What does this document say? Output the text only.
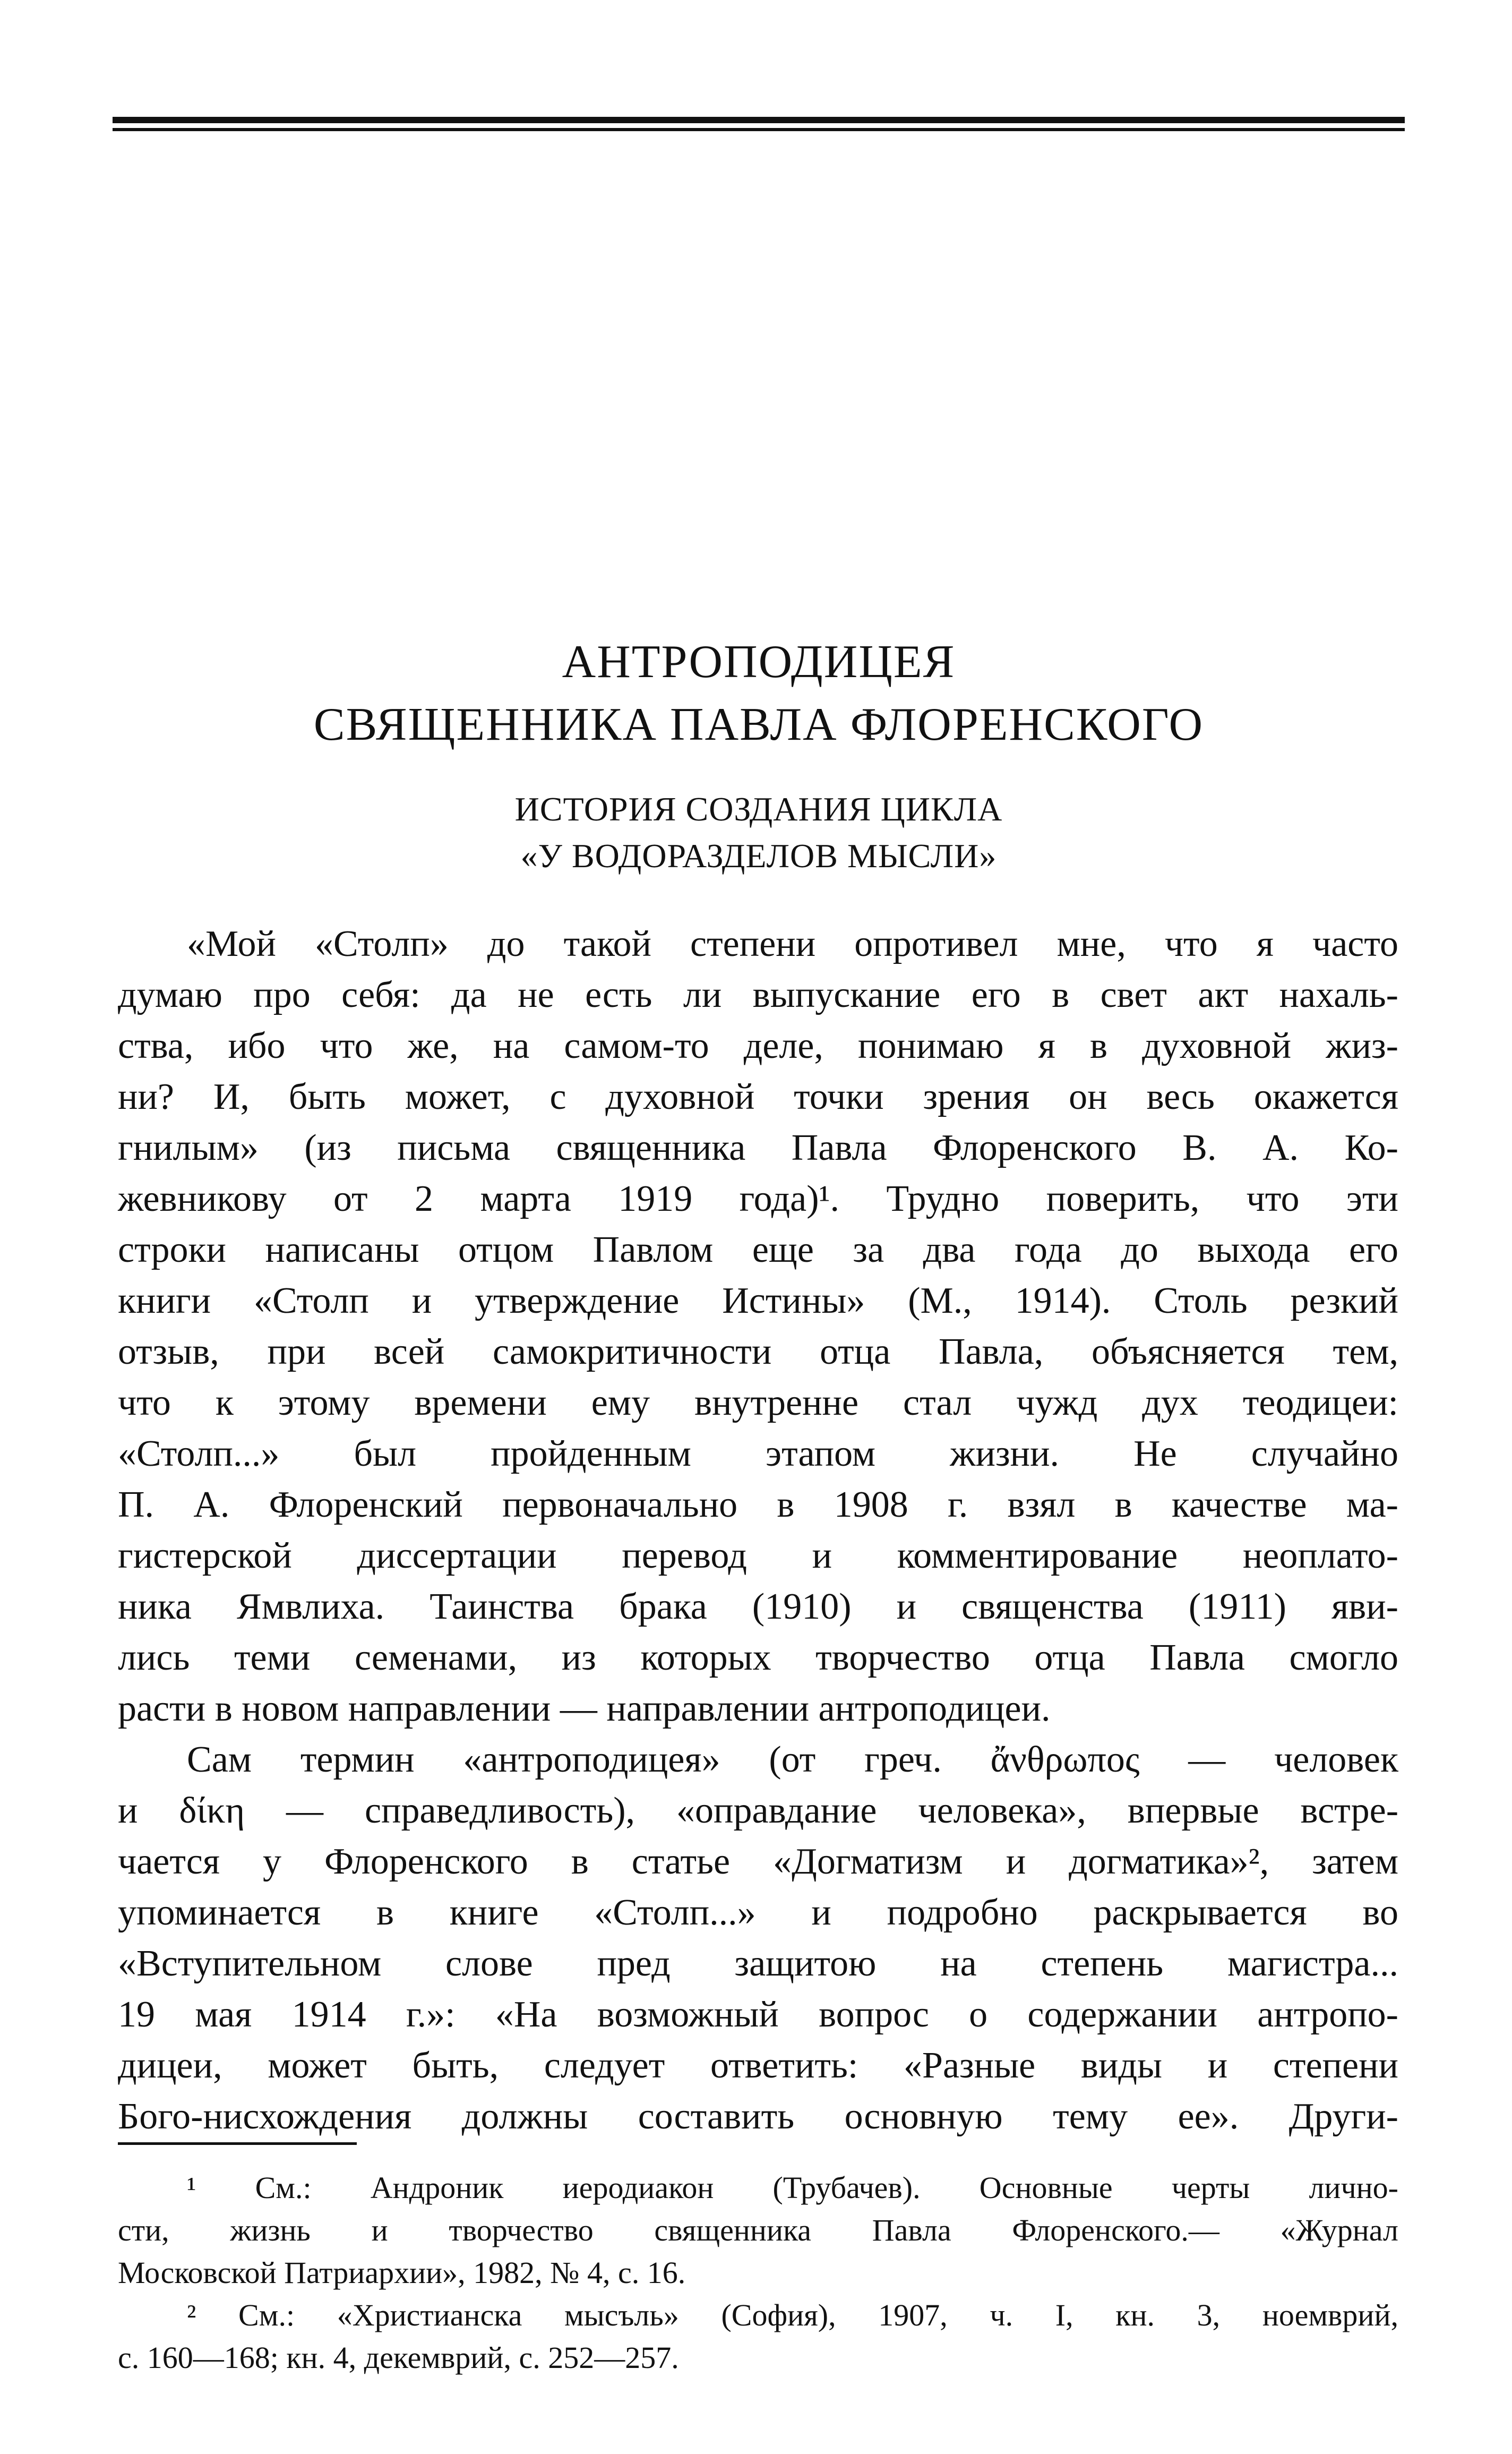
АНТРОПОДИЦЕЯ
СВЯЩЕННИКА ПАВЛА ФЛОРЕНСКОГО

ИСТОРИЯ СОЗДАНИЯ ЦИКЛА

«У ВОДОРАЗДЕЛОВ МЫСЛИ»

«Мой «Столп» до такой степени опротивел мне, что я часто
думаю про себя: да не есть ли выпускание его в свет акт нахаль-
ства, ибо что же, на самом-то деле, понимаю я в духовной жиз-
ни? И, быть может, с духовной точки зрения он весь окажется
гнилым» (из письма священника Павла Флоренского В. А. Ко-
жевникову от 2 марта 1919 года)¹. Трудно поверить, что эти
строки написаны отцом Павлом еще за два года до выхода его
книги «Столп и утверждение Истины» (М., 1914). Столь резкий
отзыв, при всей самокритичности отца Павла, объясняется тем,
что к этому времени ему внутренне стал чужд дух теодицеи:
«Столп...» был пройденным этапом жизни. Не случайно
П. А. Флоренский первоначально в 1908 г. взял в качестве ма-
гистерской диссертации перевод и комментирование неоплато-
ника Ямвлиха. Таинства брака (1910) и священства (1911) яви-
лись теми семенами, из которых творчество отца Павла смогло
расти в новом направлении — направлении антроподицеи.
Сам термин «антроподицея» (от греч. ἄνθρωπος — человек
и δίκη — справедливость), «оправдание человека», впервые встре-
чается у Флоренского в статье «Догматизм и догматика»², затем
упоминается в книге «Столп...» и подробно раскрывается во
«Вступительном слове пред защитою на степень магистра...
19 мая 1914 г.»: «На возможный вопрос о содержании антропо-
дицеи, может быть, следует ответить: «Разные виды и степени
Бого-нисхождения должны составить основную тему ее». Други-
¹ См.: Андроник иеродиакон (Трубачев). Основные черты лично-
сти, жизнь и творчество священника Павла Флоренского.— «Журнал
Московской Патриархии», 1982, № 4, с. 16.
² См.: «Христианска мысъль» (София), 1907, ч. I, кн. 3, ноемврий,
с. 160—168; кн. 4, декемврий, с. 252—257.
